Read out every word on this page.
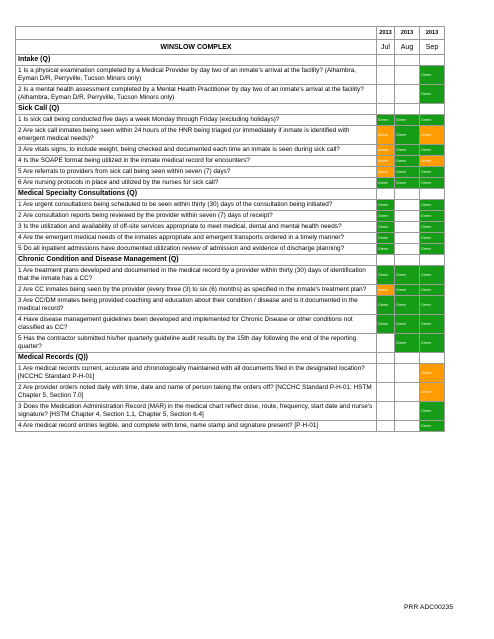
	2013	2013	2013
WINSLOW COMPLEX	Jul	Aug	Sep
Intake (Q)			
1 Is a physical examination completed by a Medical Provider by day two of an inmate's arrival at the facility? (Alhambra, Eyman D/R, Perryville, Tucson Minors only)			Green

2 Is a mental health assessment completed by a Mental Health Practitioner by day two of an inmate's arrival at the facility? (Alhambra, Eyman D/R, Perryville, Tucson Minors only)			Green

Sick Call (Q)			
1 Is sick call being conducted five days a week Monday through Friday (excluding holidays)?	Green	Green	Green

2 Are sick call inmates being seen within 24 hours of the HNR being triaged (or immediately if inmate is identified with emergent medical needs)?	Amber	Green	Amber

3 Are vitals signs, to include weight, being checked and documented each time an inmate is seen during sick call?	Amber	Green	Green

4 Is the SOAPE format being utilized in the inmate medical record for encounters?	Amber	Green	Amber

5 Are referrals to providers from sick call being seen within seven (7) days?	Amber	Green	Green

6 Are nursing protocols in place and utilized by the nurses for sick call?	Green	Green	Green

Medical Specialty Consultations (Q)			
1 Are urgent consultations being scheduled to be seen within thirty (30) days of the consultation being initiated?	Green		Green

2 Are consultation reports being reviewed by the provider within seven (7) days of receipt?	Green		Green

3 Is the utilization and availability of off-site services appropriate to meet medical, dental and mental health needs?	Green		Green

4 Are the emergent medical needs of the inmates appropriate and emergent transports ordered in a timely manner?	Green		Green

5 Do all inpatient admissions have documented utilization review of admission and evidence of discharge planning?	Green		Green

Chronic Condition and Disease Management (Q)			
1 Are treatment plans developed and documented in the medical record by a provider within thirty (30) days of identification that the inmate has a CC?	Green	Green	Green

2 Are CC inmates being seen by the provider (every three (3) to six (6) months) as specified in the inmate's treatment plan?	Amber	Green	Green

3 Are CC/DM inmates being provided coaching and education about their condition / disease and is it documented in the medical record?	Green	Green	Green

4 Have disease management guidelines been developed and implemented for Chronic Disease or other conditions not classified as CC?	Green	Green	Green

5 Has the contractor submitted his/her quarterly guideline audit results by the 15th day following the end of the reporting quarter?		Green	Green

Medical Records (Q))			
1 Are medical records current, accurate and chronologically maintained with all documents filed in the designated location? [NCCHC Standard P-H-01]			Amber

2 Are provider orders noted daily with time, date and name of person taking the orders off? [NCCHC Standard P-H-01; HSTM Chapter 5, Section 7.0]			Amber

3 Does the Medication Administration Record (MAR) in the medical chart reflect dose, route, frequency, start date and nurse's signature? [HSTM Chapter 4, Section 1.1, Chapter 5, Section 6.4]			Green

4 Are medical record entries legible, and complete with time, name stamp and signature present? [P-H-01]			Green
PRR ADC00235
